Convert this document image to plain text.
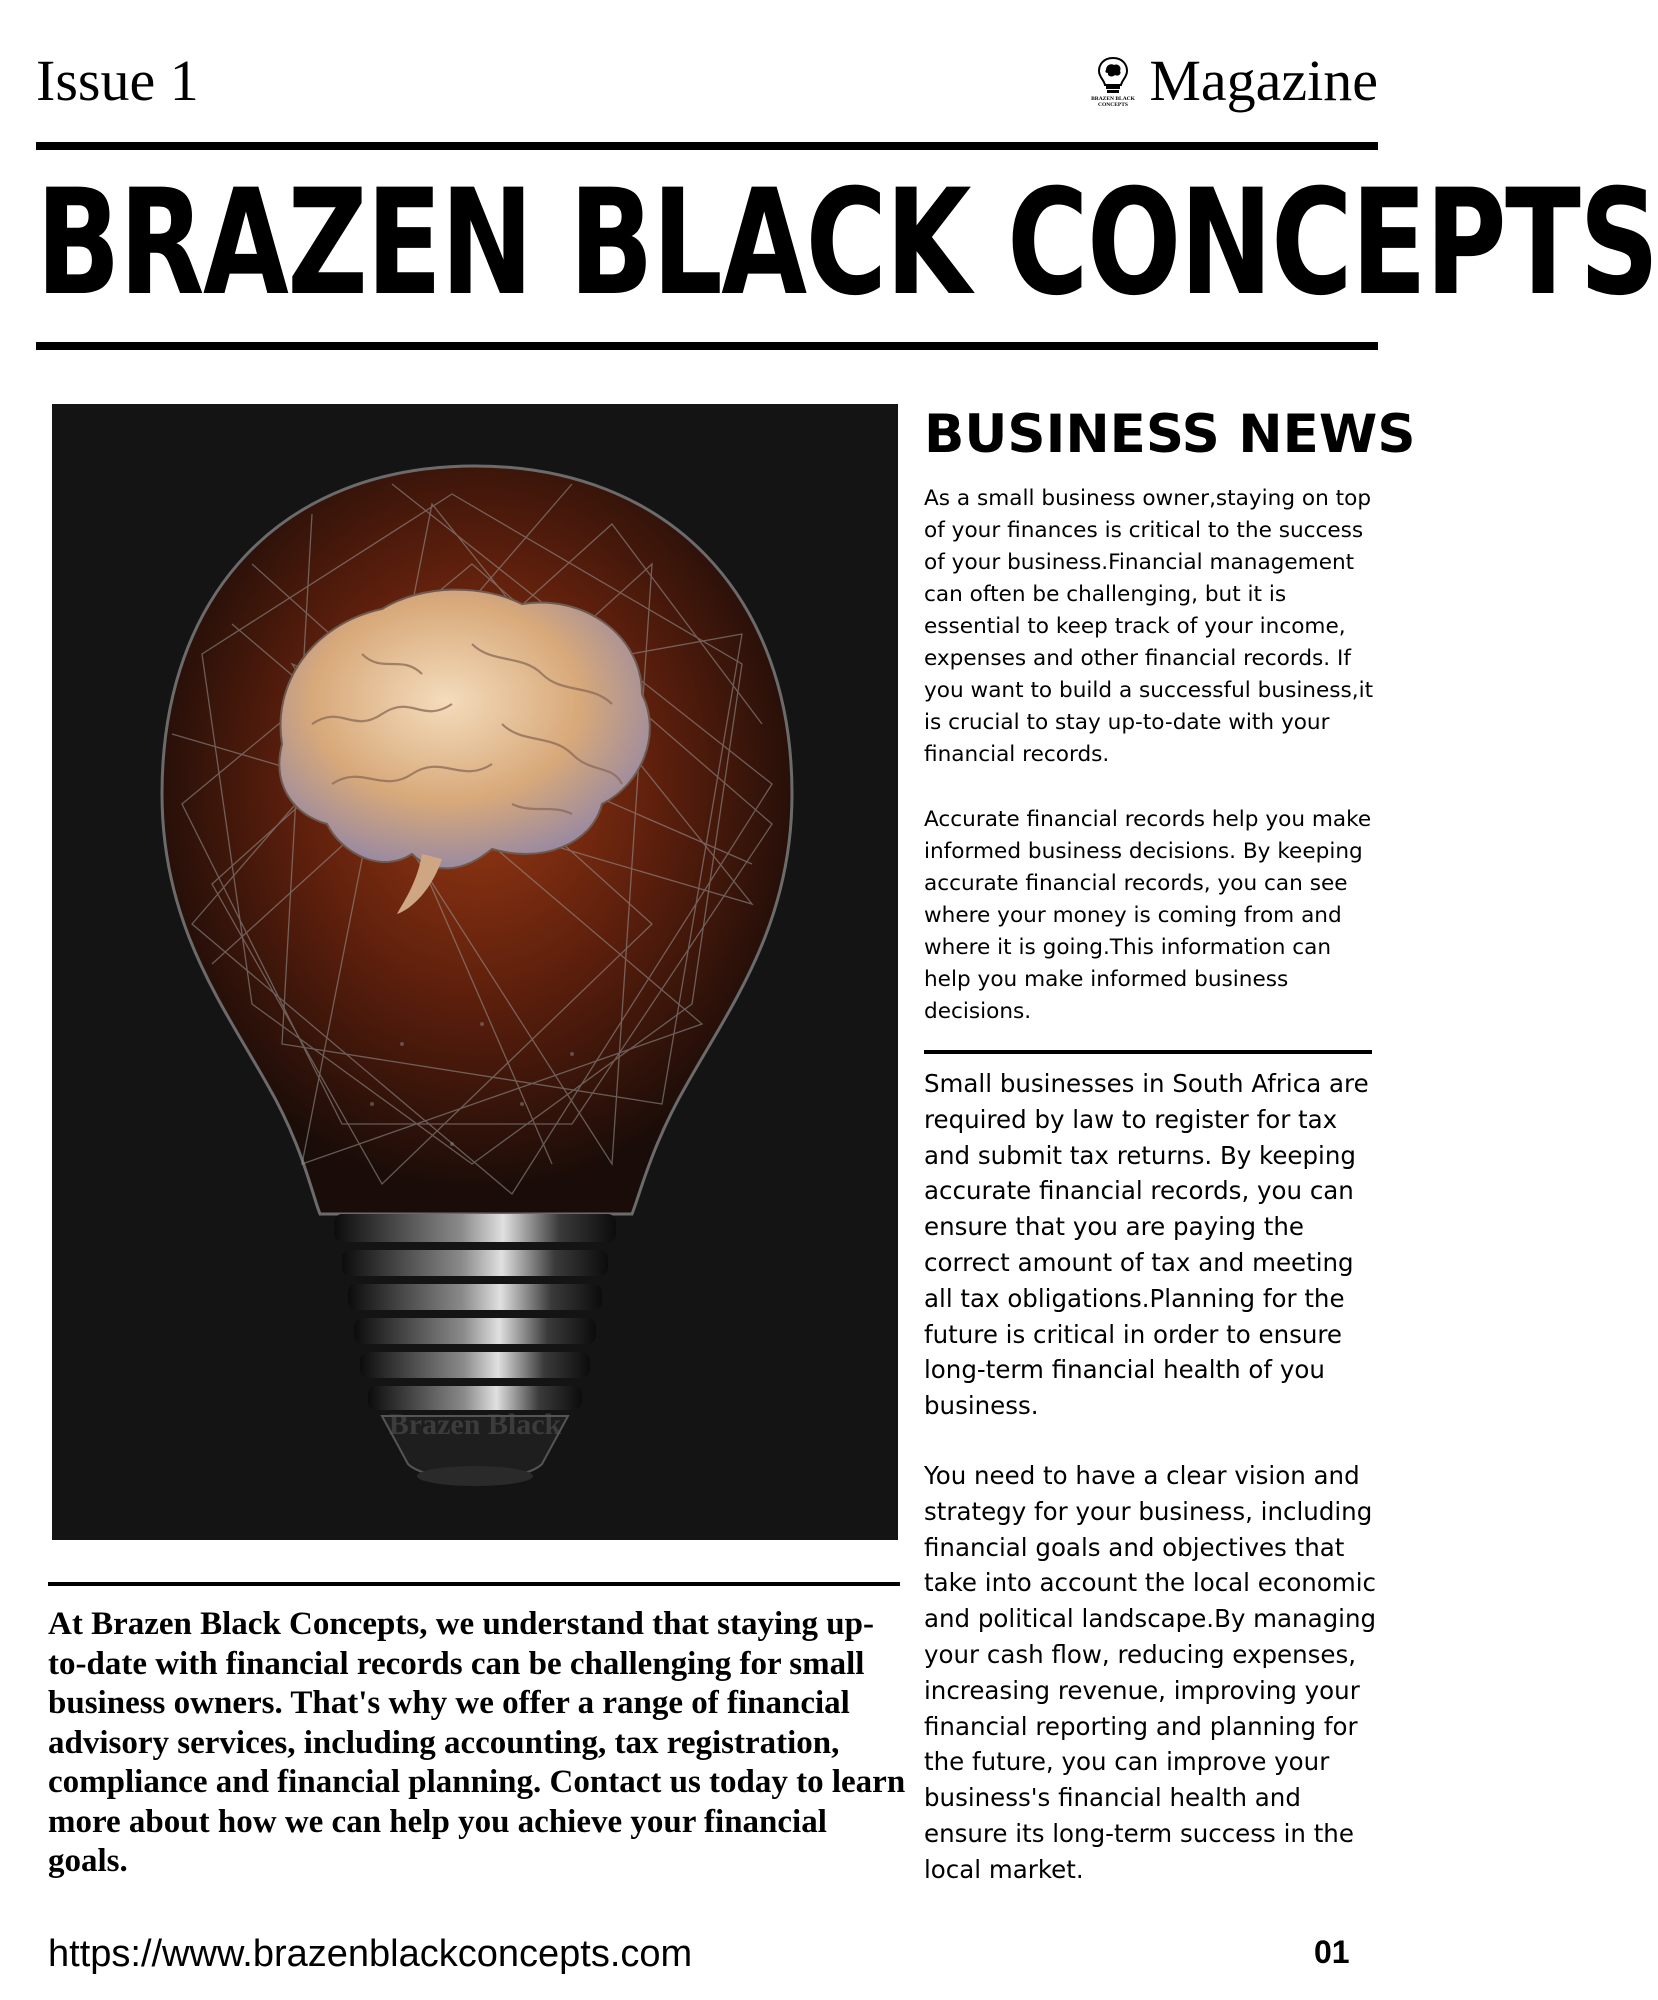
Issue 1	BRAZEN BLACK
CONCEPTS Magazine
BRAZEN BLACK CONCEPTS
Brazen Black

At Brazen Black Concepts, we understand that staying up-to-date with financial records can be challenging for small business owners. That's why we offer a range of financial advisory services, including accounting, tax registration, compliance and financial planning. Contact us today to learn more about how we can help you achieve your financial goals.

BUSINESS NEWS

As a small business owner,staying on top of your finances is critical to the success of your business.Financial management can often be challenging, but it is essential to keep track of your income, expenses and other financial records. If you want to build a successful business,it is crucial to stay up-to-date with your financial records.

Accurate financial records help you make informed business decisions. By keeping accurate financial records, you can see where your money is coming from and where it is going.This information can help you make informed business decisions.

Small businesses in South Africa are required by law to register for tax and submit tax returns. By keeping accurate financial records, you can ensure that you are paying the correct amount of tax and meeting all tax obligations.Planning for the future is critical in order to ensure long-term financial health of you business.

You need to have a clear vision and strategy for your business, including financial goals and objectives that take into account the local economic and political landscape.By managing your cash flow, reducing expenses, increasing revenue, improving your financial reporting and planning for the future, you can improve your business's financial health and ensure its long-term success in the local market.

https://www.brazenblackconcepts.com	01
